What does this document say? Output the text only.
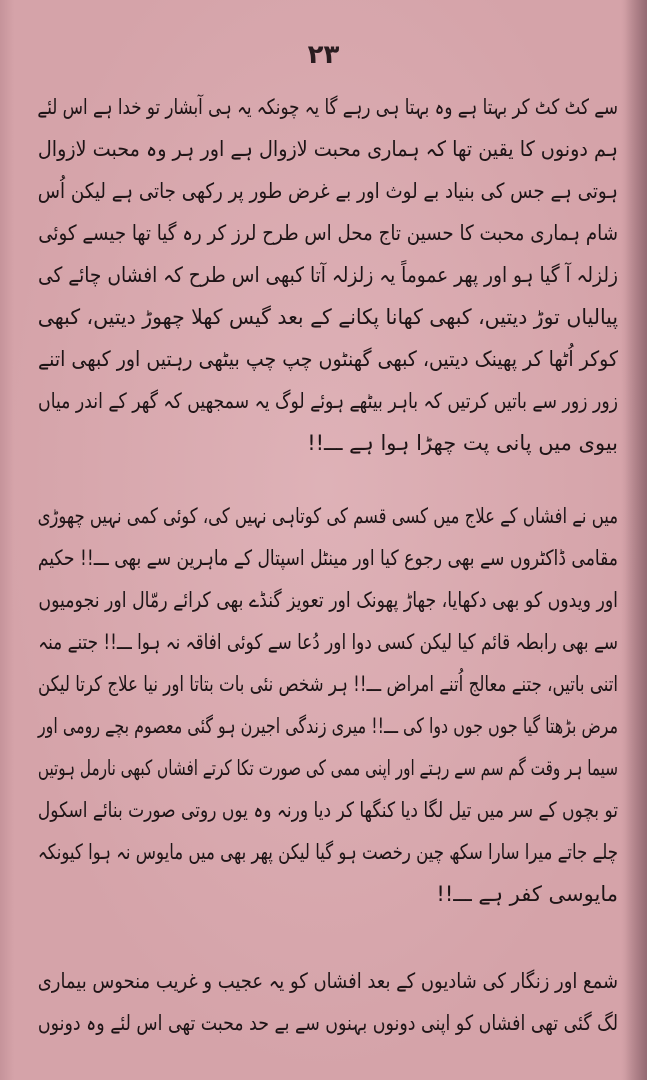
۲۳
سے کٹ کٹ کر بہتا ہے وہ بہتا ہی رہے گا یہ چونکہ یہ ہی آبشار تو خدا ہے اس لئے
ہم دونوں کا یقین تھا کہ ہماری محبت لازوال ہے اور ہر وہ محبت لازوال
ہوتی ہے جس کی بنیاد بے لوث اور بے غرض طور پر رکھی جاتی ہے لیکن اُس
شام ہماری محبت کا حسین تاج محل اس طرح لرز کر رہ گیا تھا جیسے کوئی
زلزلہ آ گیا ہو اور پھر عموماً یہ زلزلہ آتا کبھی اس طرح کہ افشاں چائے کی
پیالیاں توڑ دیتیں، کبھی کھانا پکانے کے بعد گیس کھلا چھوڑ دیتیں، کبھی
کوکر اُٹھا کر پھینک دیتیں، کبھی گھنٹوں چپ چپ بیٹھی رہتیں اور کبھی اتنے
زور زور سے باتیں کرتیں کہ باہر بیٹھے ہوئے لوگ یہ سمجھیں کہ گھر کے اندر میاں
بیوی میں پانی پت چھڑا ہوا ہے ـــ!!
میں نے افشاں کے علاج میں کسی قسم کی کوتاہی نہیں کی، کوئی کمی نہیں چھوڑی
مقامی ڈاکٹروں سے بھی رجوع کیا اور مینٹل اسپتال کے ماہرین سے بھی ـــ!! حکیم
اور ویدوں کو بھی دکھایا، جھاڑ پھونک اور تعویز گنڈے بھی کرائے رمّال اور نجومیوں
سے بھی رابطہ قائم کیا لیکن کسی دوا اور دُعا سے کوئی افاقہ نہ ہوا ـــ!! جتنے منہ
اتنی باتیں، جتنے معالج اُتنے امراض ـــ!! ہر شخص نئی بات بتاتا اور نیا علاج کرتا لیکن
مرض بڑھتا گیا جوں جوں دوا کی ـــ!! میری زندگی اجیرن ہو گئی معصوم بچے رومی اور
سیما ہر وقت گم سم سے رہتے اور اپنی ممی کی صورت تکا کرتے افشاں کبھی نارمل ہوتیں
تو بچوں کے سر میں تیل لگا دیا کنگھا کر دیا ورنہ وہ یوں روتی صورت بنائے اسکول
چلے جاتے میرا سارا سکھ چین رخصت ہو گیا لیکن پھر بھی میں مایوس نہ ہوا کیونکہ
مایوسی کفر ہے ـــ!!
شمع اور زنگار کی شادیوں کے بعد افشاں کو یہ عجیب و غریب منحوس بیماری
لگ گئی تھی افشاں کو اپنی دونوں بہنوں سے بے حد محبت تھی اس لئے وہ دونوں
